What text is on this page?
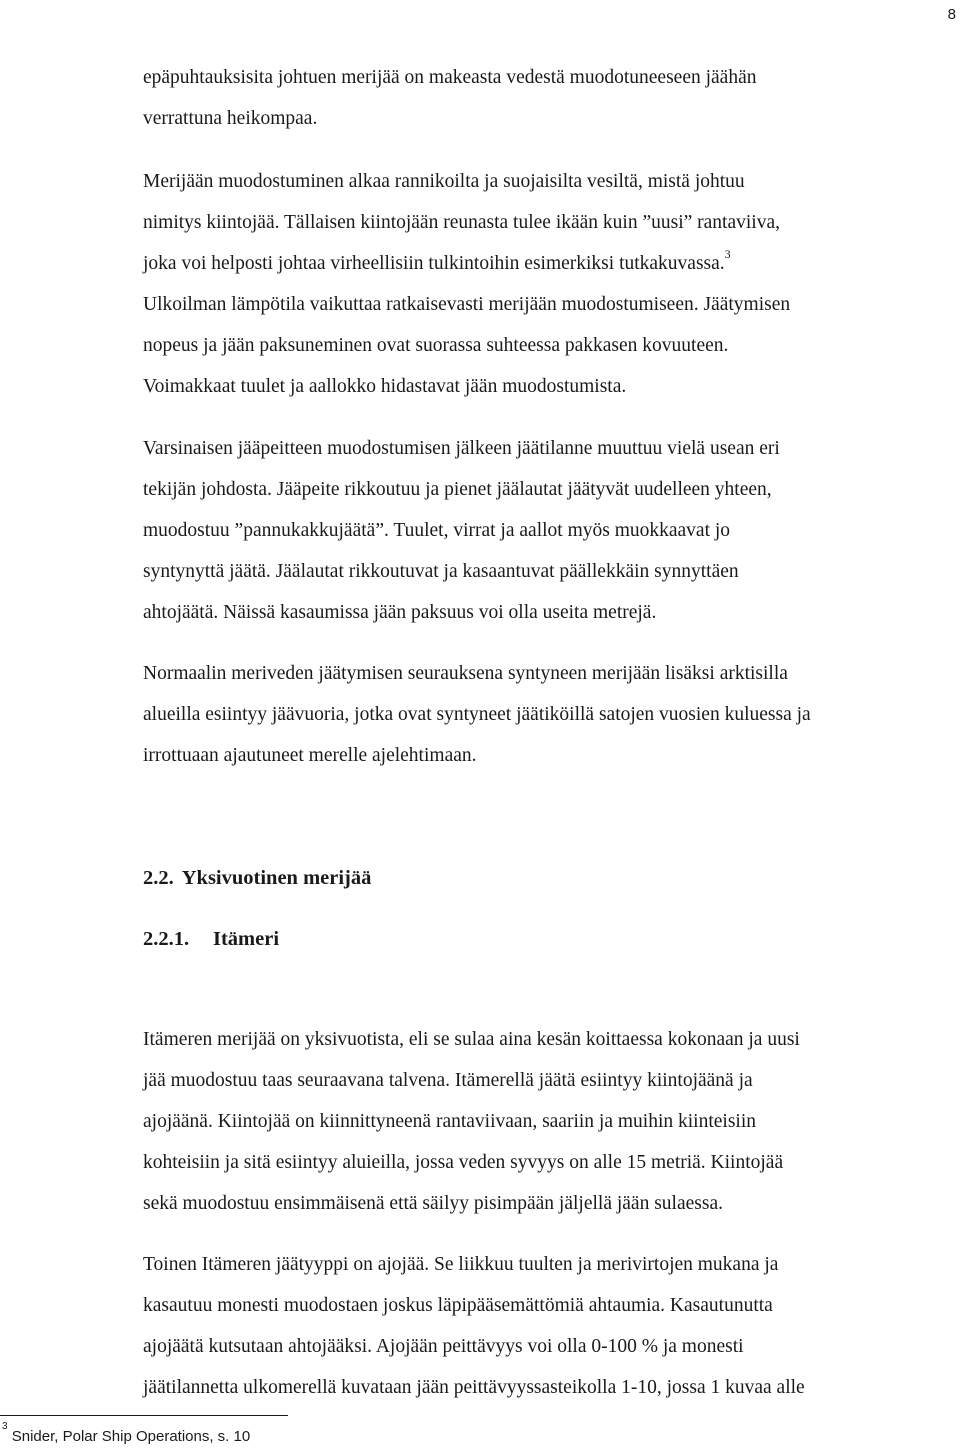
8
epäpuhtauksisita johtuen merijää on makeasta vedestä muodotuneeseen jäähän
verrattuna heikompaa.
Merijään muodostuminen alkaa rannikoilta ja suojaisilta vesiltä, mistä johtuu
nimitys kiintojää. Tällaisen kiintojään reunasta tulee ikään kuin ”uusi” rantaviiva,
joka voi helposti johtaa virheellisiin tulkintoihin esimerkiksi tutkakuvassa.$^3$
Ulkoilman lämpötila vaikuttaa ratkaisevasti merijään muodostumiseen. Jäätymisen
nopeus ja jään paksuneminen ovat suorassa suhteessa pakkasen kovuuteen.
Voimakkaat tuulet ja aallokko hidastavat jään muodostumista.
Varsinaisen jääpeitteen muodostumisen jälkeen jäätilanne muuttuu vielä usean eri
tekijän johdosta. Jääpeite rikkoutuu ja pienet jäälautat jäätyvät uudelleen yhteen,
muodostuu ”pannukakkujäätä”. Tuulet, virrat ja aallot myös muokkaavat jo
syntynyttä jäätä. Jäälautat rikkoutuvat ja kasaantuvat päällekkäin synnyttäen
ahtojäätä. Näissä kasaumissa jään paksuus voi olla useita metrejä.
Normaalin meriveden jäätymisen seurauksena syntyneen merijään lisäksi arktisilla
alueilla esiintyy jäävuoria, jotka ovat syntyneet jäätiköillä satojen vuosien kuluessa ja
irrottuaan ajautuneet merelle ajelehtimaan.
2.2. Yksivuotinen merijää
2.2.1. Itämeri
Itämeren merijää on yksivuotista, eli se sulaa aina kesän koittaessa kokonaan ja uusi
jää muodostuu taas seuraavana talvena. Itämerellä jäätä esiintyy kiintojäänä ja
ajojäänä. Kiintojää on kiinnittyneenä rantaviivaan, saariin ja muihin kiinteisiin
kohteisiin ja sitä esiintyy aluieilla, jossa veden syvyys on alle 15 metriä. Kiintojää
sekä muodostuu ensimmäisenä että säilyy pisimpään jäljellä jään sulaessa.
Toinen Itämeren jäätyyppi on ajojää. Se liikkuu tuulten ja merivirtojen mukana ja
kasautuu monesti muodostaen joskus läpipääsemättömiä ahtaumia. Kasautunutta
ajojäätä kutsutaan ahtojääksi. Ajojään peittävyys voi olla 0-100 % ja monesti
jäätilannetta ulkomerellä kuvataan jään peittävyyssasteikolla 1-10, jossa 1 kuvaa alle
$^3$ Snider, Polar Ship Operations, s. 10
